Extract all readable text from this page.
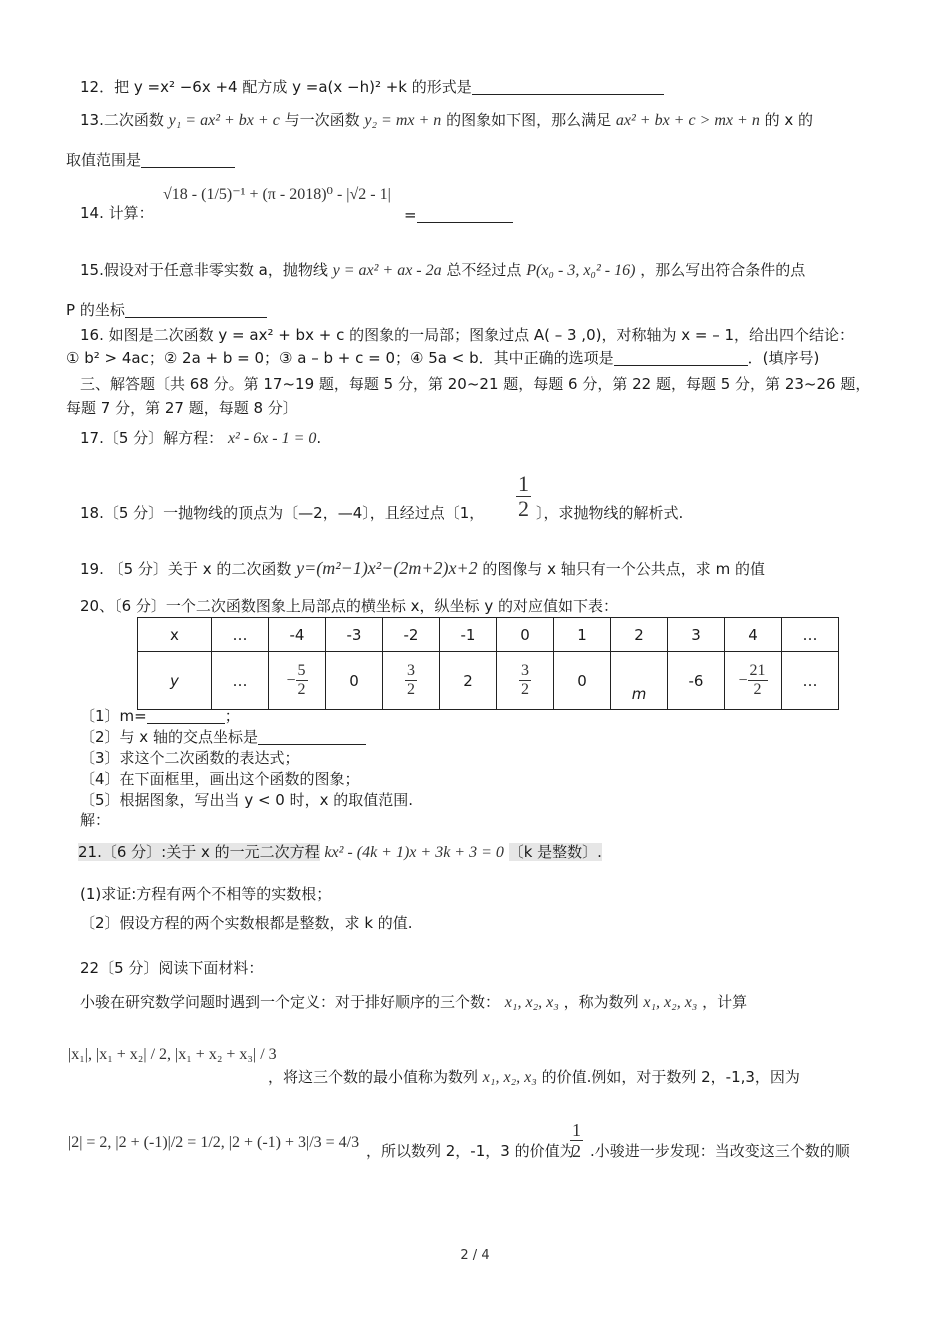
12．把 y =x² −6x +4 配方成 y =a(x −h)² +k 的形式是
13.二次函数 y₁ = ax² + bx + c 与一次函数 y₂ = mx + n 的图象如下图，那么满足 ax² + bx + c > mx + n 的 x 的
取值范围是
14. 计算：
√18 - (1/5)⁻¹ + (π - 2018)⁰ - |√2 - 1|
=
15.假设对于任意非零实数 a，抛物线 y = ax² + ax - 2a 总不经过点 P(x₀ - 3, x₀² - 16) ，那么写出符合条件的点
P 的坐标
16. 如图是二次函数 y = ax² + bx + c 的图象的一局部；图象过点 A( – 3 ,0)，对称轴为 x = – 1，给出四个结论：
① b² > 4ac；② 2a + b = 0；③ a – b + c = 0；④ 5a < b．其中正确的选项是	．(填序号)
三、解答题〔共 68 分。第 17~19 题，每题 5 分，第 20~21 题，每题 6 分，第 22 题，每题 5 分，第 23~26 题，
每题 7 分，第 27 题，每题 8 分〕
17.〔5 分〕解方程： x² - 6x - 1 = 0.
18.〔5 分〕一抛物线的顶点为〔—2，—4〕，且经过点〔1， $\frac{1}{2}$ 〕，求抛物线的解析式.
19. 〔5 分〕关于 x 的二次函数 y=(m²−1)x²−(2m+2)x+2 的图像与 x 轴只有一个公共点，求 m 的值
20、〔6 分〕一个二次函数图象上局部点的横坐标 x，纵坐标 y 的对应值如下表：
x	…	-4	-3	-2	-1	0	1	2	3	4	…
y	…	− $\frac{5}{2}$	0	$\frac{3}{2}$	2	$\frac{3}{2}$	0	m	-6	− $\frac{21}{2}$	…
〔1〕m=	；
〔2〕与 x 轴的交点坐标是
〔3〕求这个二次函数的表达式；
〔4〕在下面框里，画出这个函数的图象；
〔5〕根据图象，写出当 y < 0 时，x 的取值范围.
解：
21.〔6 分〕:关于 x 的一元二次方程 kx² - (4k + 1)x + 3k + 3 = 0 〔k 是整数〕.
(1)求证:方程有两个不相等的实数根；
〔2〕假设方程的两个实数根都是整数，求 k 的值.
22〔5 分〕阅读下面材料：
小骏在研究数学问题时遇到一个定义：对于排好顺序的三个数： x₁, x₂, x₃ ，称为数列 x₁, x₂, x₃ ，计算
|x₁|, |x₁ + x₂| / 2, |x₁ + x₂ + x₃| / 3
，将这三个数的最小值称为数列 x₁, x₂, x₃ 的价值.例如，对于数列 2，-1,3，因为
|2| = 2, |2 + (-1)|/2 = 1/2, |2 + (-1) + 3|/3 = 4/3 ，所以数列 2，-1，3 的价值为
$\frac{1}{2}$ .小骏进一步发现：当改变这三个数的顺
2 / 4
